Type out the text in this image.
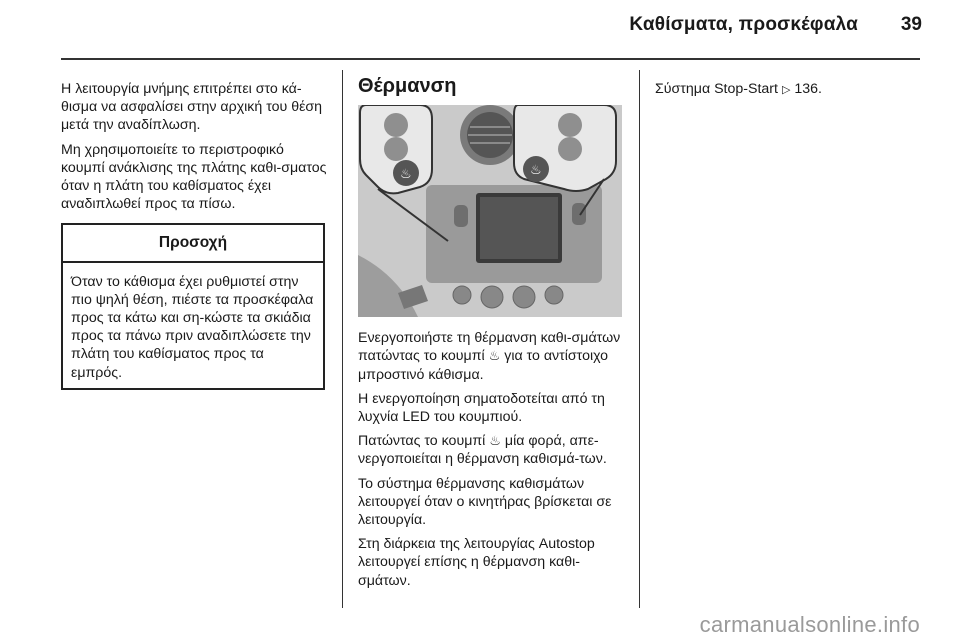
Καθίσματα, προσκέφαλα 39

Η λειτουργία μνήμης επιτρέπει στο κά-θισμα να ασφαλίσει στην αρχική του θέση μετά την αναδίπλωση.

Μη χρησιμοποιείτε το περιστροφικό κουμπί ανάκλισης της πλάτης καθι-σματος όταν η πλάτη του καθίσματος έχει αναδιπλωθεί προς τα πίσω.

Προσοχή
Όταν το κάθισμα έχει ρυθμιστεί στην πιο ψηλή θέση, πιέστε τα προσκέφαλα προς τα κάτω και ση-κώστε τα σκιάδια προς τα πάνω πριν αναδιπλώσετε την πλάτη του καθίσματος προς τα εμπρός.
Θέρμανση
♨	♨

Ενεργοποιήστε τη θέρμανση καθι-σμάτων πατώντας το κουμπί ♨ για το αντίστοιχο μπροστινό κάθισμα.

Η ενεργοποίηση σηματοδοτείται από τη λυχνία LED του κουμπιού.

Πατώντας το κουμπί ♨ μία φορά, απε-νεργοποιείται η θέρμανση καθισμά-των.

Το σύστημα θέρμανσης καθισμάτων λειτουργεί όταν ο κινητήρας βρίσκεται σε λειτουργία.

Στη διάρκεια της λειτουργίας Autostop λειτουργεί επίσης η θέρμανση καθι-σμάτων.

Σύστημα Stop-Start ▷ 136.

carmanualsonline.info
